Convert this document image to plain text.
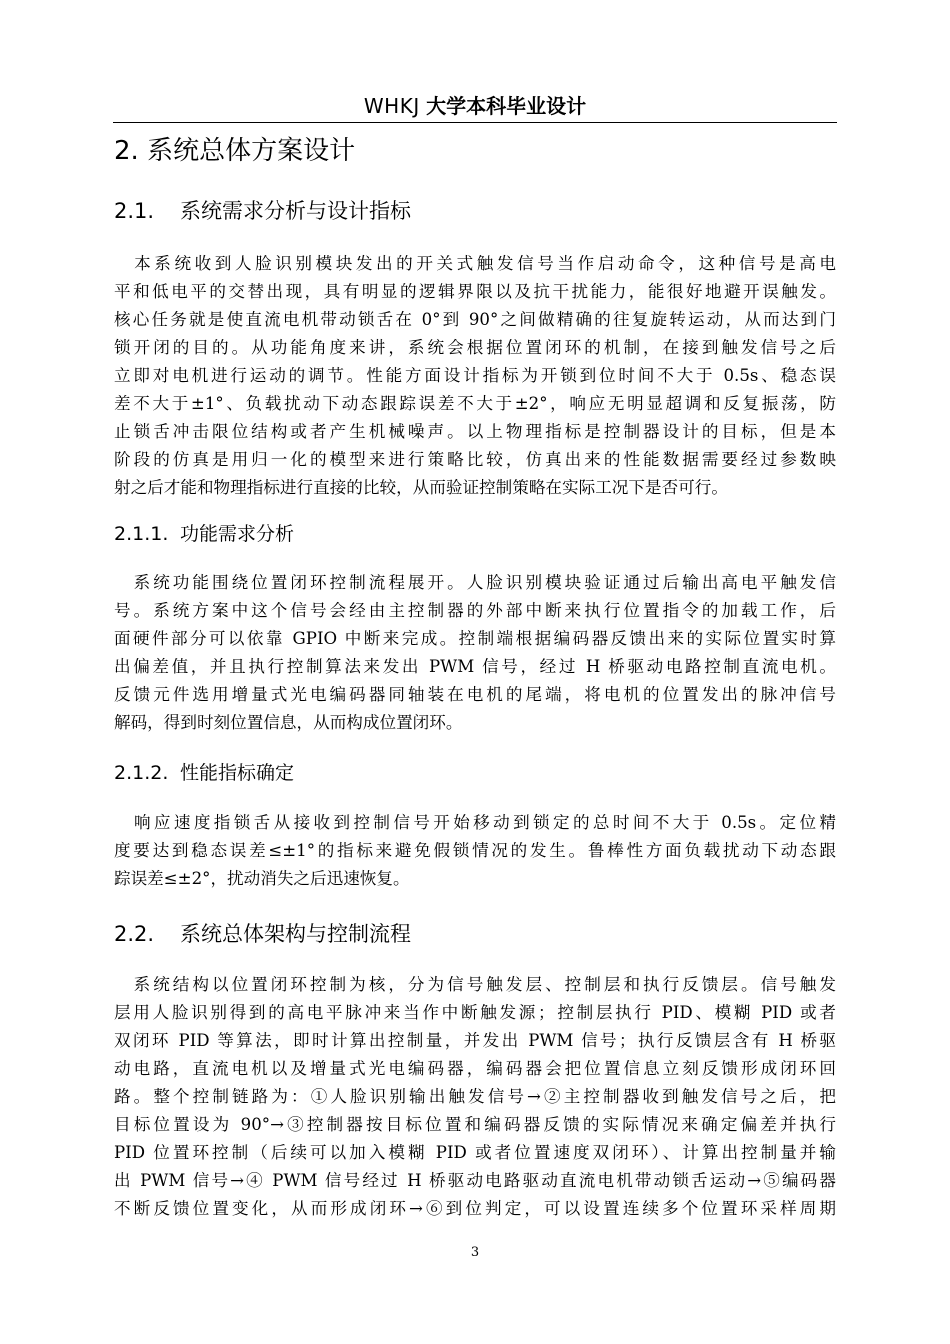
WHKJ 大学本科毕业设计
2. 系统总体方案设计
2.1. 系统需求分析与设计指标
　本系统收到人脸识别模块发出的开关式触发信号当作启动命令，这种信号是高电
平和低电平的交替出现，具有明显的逻辑界限以及抗干扰能力，能很好地避开误触发。
核心任务就是使直流电机带动锁舌在 0°到 90°之间做精确的往复旋转运动，从而达到门
锁开闭的目的。从功能角度来讲，系统会根据位置闭环的机制，在接到触发信号之后
立即对电机进行运动的调节。性能方面设计指标为开锁到位时间不大于 0.5s、稳态误
差不大于±1°、负载扰动下动态跟踪误差不大于±2°，响应无明显超调和反复振荡，防
止锁舌冲击限位结构或者产生机械噪声。以上物理指标是控制器设计的目标，但是本
阶段的仿真是用归一化的模型来进行策略比较，仿真出来的性能数据需要经过参数映
射之后才能和物理指标进行直接的比较，从而验证控制策略在实际工况下是否可行。
2.1.1. 功能需求分析
　系统功能围绕位置闭环控制流程展开。人脸识别模块验证通过后输出高电平触发信
号。系统方案中这个信号会经由主控制器的外部中断来执行位置指令的加载工作，后
面硬件部分可以依靠 GPIO 中断来完成。控制端根据编码器反馈出来的实际位置实时算
出偏差值，并且执行控制算法来发出 PWM 信号，经过 H 桥驱动电路控制直流电机。
反馈元件选用增量式光电编码器同轴装在电机的尾端，将电机的位置发出的脉冲信号
解码，得到时刻位置信息，从而构成位置闭环。
2.1.2. 性能指标确定
　响应速度指锁舌从接收到控制信号开始移动到锁定的总时间不大于 0.5s。定位精
度要达到稳态误差≤±1°的指标来避免假锁情况的发生。鲁棒性方面负载扰动下动态跟
踪误差≤±2°，扰动消失之后迅速恢复。
2.2. 系统总体架构与控制流程
　系统结构以位置闭环控制为核，分为信号触发层、控制层和执行反馈层。信号触发
层用人脸识别得到的高电平脉冲来当作中断触发源；控制层执行 PID、模糊 PID 或者
双闭环 PID 等算法，即时计算出控制量，并发出 PWM 信号；执行反馈层含有 H 桥驱
动电路，直流电机以及增量式光电编码器，编码器会把位置信息立刻反馈形成闭环回
路。整个控制链路为：①人脸识别输出触发信号→②主控制器收到触发信号之后，把
目标位置设为 90°→③控制器按目标位置和编码器反馈的实际情况来确定偏差并执行
PID 位置环控制（后续可以加入模糊 PID 或者位置速度双闭环）、计算出控制量并输
出 PWM 信号→④ PWM 信号经过 H 桥驱动电路驱动直流电机带动锁舌运动→⑤编码器
不断反馈位置变化，从而形成闭环→⑥到位判定，可以设置连续多个位置环采样周期
3
